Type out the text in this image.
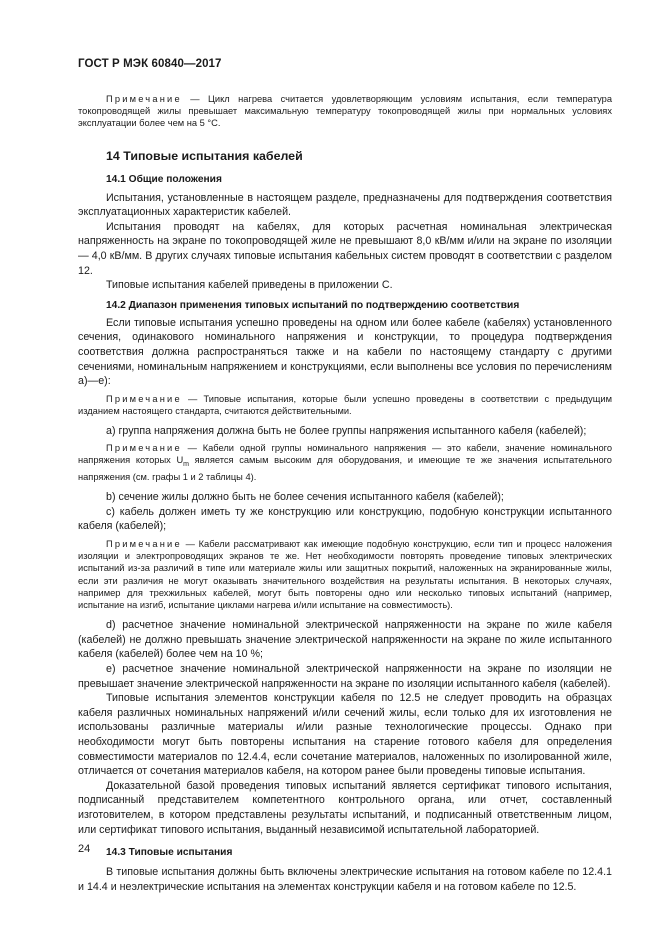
ГОСТ Р МЭК 60840—2017

Примечание — Цикл нагрева считается удовлетворяющим условиям испытания, если температура токопроводящей жилы превышает максимальную температуру токопроводящей жилы при нормальных условиях эксплуатации более чем на 5 °C.

14 Типовые испытания кабелей

14.1 Общие положения

Испытания, установленные в настоящем разделе, предназначены для подтверждения соответствия эксплуатационных характеристик кабелей.

Испытания проводят на кабелях, для которых расчетная номинальная электрическая напряженность на экране по токопроводящей жиле не превышают 8,0 кВ/мм и/или на экране по изоляции — 4,0 кВ/мм. В других случаях типовые испытания кабельных систем проводят в соответствии с разделом 12.

Типовые испытания кабелей приведены в приложении С.

14.2 Диапазон применения типовых испытаний по подтверждению соответствия

Если типовые испытания успешно проведены на одном или более кабеле (кабелях) установленного сечения, одинакового номинального напряжения и конструкции, то процедура подтверждения соответствия должна распространяться также и на кабели по настоящему стандарту с другими сечениями, номинальным напряжением и конструкциями, если выполнены все условия по перечислениям а)—е):

Примечание — Типовые испытания, которые были успешно проведены в соответствии с предыдущим изданием настоящего стандарта, считаются действительными.

а) группа напряжения должна быть не более группы напряжения испытанного кабеля (кабелей);

Примечание — Кабели одной группы номинального напряжения — это кабели, значение номинального напряжения которых $U_m$ является самым высоким для оборудования, и имеющие те же значения испытательного напряжения (см. графы 1 и 2 таблицы 4).

b) сечение жилы должно быть не более сечения испытанного кабеля (кабелей);

с) кабель должен иметь ту же конструкцию или конструкцию, подобную конструкции испытанного кабеля (кабелей);

Примечание — Кабели рассматривают как имеющие подобную конструкцию, если тип и процесс наложения изоляции и электропроводящих экранов те же. Нет необходимости повторять проведение типовых электрических испытаний из-за различий в типе или материале жилы или защитных покрытий, наложенных на экранированные жилы, если эти различия не могут оказывать значительного воздействия на результаты испытания. В некоторых случаях, например для трехжильных кабелей, могут быть повторены одно или несколько типовых испытаний (например, испытание на изгиб, испытание циклами нагрева и/или испытание на совместимость).

d) расчетное значение номинальной электрической напряженности на экране по жиле кабеля (кабелей) не должно превышать значение электрической напряженности на экране по жиле испытанного кабеля (кабелей) более чем на 10 %;

е) расчетное значение номинальной электрической напряженности на экране по изоляции не превышает значение электрической напряженности на экране по изоляции испытанного кабеля (кабелей).

Типовые испытания элементов конструкции кабеля по 12.5 не следует проводить на образцах кабеля различных номинальных напряжений и/или сечений жилы, если только для их изготовления не использованы различные материалы и/или разные технологические процессы. Однако при необходимости могут быть повторены испытания на старение готового кабеля для определения совместимости материалов по 12.4.4, если сочетание материалов, наложенных по изолированной жиле, отличается от сочетания материалов кабеля, на котором ранее были проведены типовые испытания.

Доказательной базой проведения типовых испытаний является сертификат типового испытания, подписанный представителем компетентного контрольного органа, или отчет, составленный изготовителем, в котором представлены результаты испытаний, и подписанный ответственным лицом, или сертификат типового испытания, выданный независимой испытательной лабораторией.

14.3 Типовые испытания

В типовые испытания должны быть включены электрические испытания на готовом кабеле по 12.4.1 и 14.4 и неэлектрические испытания на элементах конструкции кабеля и на готовом кабеле по 12.5.

24
